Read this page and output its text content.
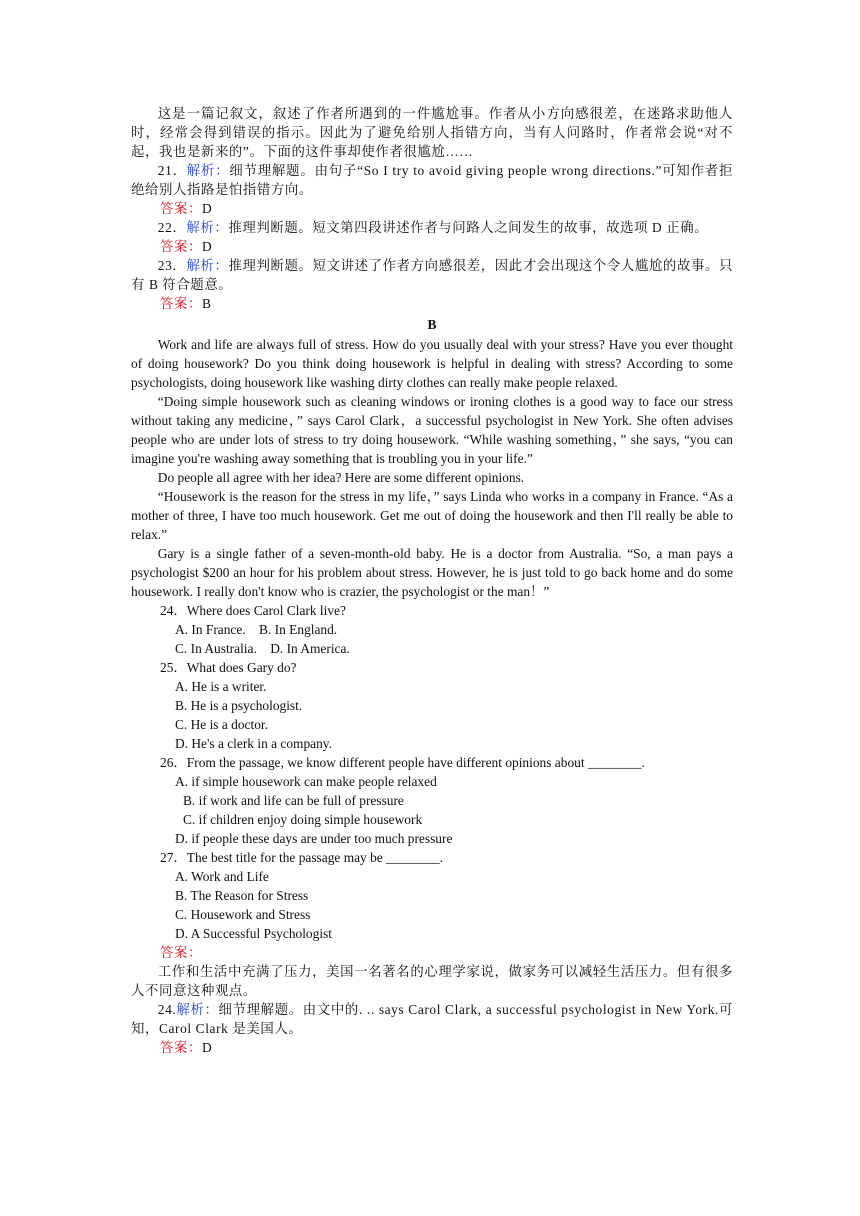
这是一篇记叙文，叙述了作者所遇到的一件尴尬事。作者从小方向感很差，在迷路求助他人时，经常会得到错误的指示。因此为了避免给别人指错方向，当有人问路时，作者常会说“对不起，我也是新来的”。下面的这件事却使作者很尴尬……

21．解析：细节理解题。由句子“So I try to avoid giving people wrong directions.”可知作者拒绝给别人指路是怕指错方向。

答案：D

22．解析：推理判断题。短文第四段讲述作者与问路人之间发生的故事，故选项 D 正确。

答案：D

23．解析：推理判断题。短文讲述了作者方向感很差，因此才会出现这个令人尴尬的故事。只有 B 符合题意。

答案：B

B

Work and life are always full of stress. How do you usually deal with your stress? Have you ever thought of doing housework? Do you think doing housework is helpful in dealing with stress? According to some psychologists, doing housework like washing dirty clothes can really make people relaxed.

“Doing simple housework such as cleaning windows or ironing clothes is a good way to face our stress without taking any medicine，” says Carol Clark，a successful psychologist in New York. She often advises people who are under lots of stress to try doing housework. “While washing something，” she says, “you can imagine you're washing away something that is troubling you in your life.”

Do people all agree with her idea? Here are some different opinions.

“Housework is the reason for the stress in my life，” says Linda who works in a company in France. “As a mother of three, I have too much housework. Get me out of doing the housework and then I'll really be able to relax.”

Gary is a single father of a seven-month-old baby. He is a doctor from Australia. “So, a man pays a psychologist $200 an hour for his problem about stress. However, he is just told to go back home and do some housework. I really don't know who is crazier, the psychologist or the man！”

24．Where does Carol Clark live?

A. In France.　B. In England.

C. In Australia.　D. In America.

25．What does Gary do?

A. He is a writer.

B. He is a psychologist.

C. He is a doctor.

D. He's a clerk in a company.

26．From the passage, we know different people have different opinions about ________.

A. if simple housework can make people relaxed

B. if work and life can be full of pressure

C. if children enjoy doing simple housework

D. if people these days are under too much pressure

27．The best title for the passage may be ________.

A. Work and Life

B. The Reason for Stress

C. Housework and Stress

D. A Successful Psychologist

答案：

工作和生活中充满了压力，美国一名著名的心理学家说，做家务可以减轻生活压力。但有很多人不同意这种观点。

24.解析：细节理解题。由文中的. .. says Carol Clark, a successful psychologist in New York.可知，Carol Clark 是美国人。

答案：D
